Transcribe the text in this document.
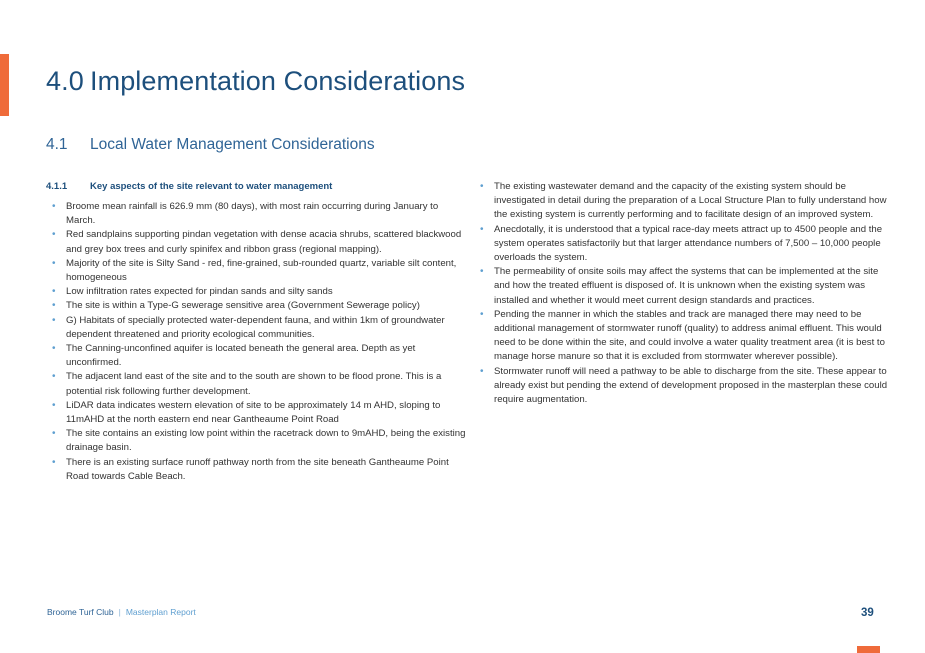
4.0 Implementation Considerations
4.1 Local Water Management Considerations
4.1.1 Key aspects of the site relevant to water management
• Broome mean rainfall is 626.9 mm (80 days), with most rain occurring during January to March.
• Red sandplains supporting pindan vegetation with dense acacia shrubs, scattered blackwood and grey box trees and curly spinifex and ribbon grass (regional mapping).
• Majority of the site is Silty Sand - red, fine-grained, sub-rounded quartz, variable silt content, homogeneous
• Low infiltration rates expected for pindan sands and silty sands
• The site is within a Type-G sewerage sensitive area (Government Sewerage policy)
• G) Habitats of specially protected water-dependent fauna, and within 1km of groundwater dependent threatened and priority ecological communities.
• The Canning-unconfined aquifer is located beneath the general area. Depth as yet unconfirmed.
• The adjacent land east of the site and to the south are shown to be flood prone. This is a potential risk following further development.
• LiDAR data indicates western elevation of site to be approximately 14 m AHD, sloping to 11mAHD at the north eastern end near Gantheaume Point Road
• The site contains an existing low point within the racetrack down to 9mAHD, being the existing drainage basin.
• There is an existing surface runoff pathway north from the site beneath Gantheaume Point Road towards Cable Beach.
• The existing wastewater demand and the capacity of the existing system should be investigated in detail during the preparation of a Local Structure Plan to fully understand how the existing system is currently performing and to facilitate design of an improved system.
• Anecdotally, it is understood that a typical race-day meets attract up to 4500 people and the system operates satisfactorily but that larger attendance numbers of 7,500 – 10,000 people overloads the system.
• The permeability of onsite soils may affect the systems that can be implemented at the site and how the treated effluent is disposed of. It is unknown when the existing system was installed and whether it would meet current design standards and practices.
• Pending the manner in which the stables and track are managed there may need to be additional management of stormwater runoff (quality) to address animal effluent. This would need to be done within the site, and could involve a water quality treatment area (it is best to manage horse manure so that it is excluded from stormwater wherever possible).
• Stormwater runoff will need a pathway to be able to discharge from the site. These appear to already exist but pending the extend of development proposed in the masterplan these could require augmentation.
Broome Turf Club | Masterplan Report	39
